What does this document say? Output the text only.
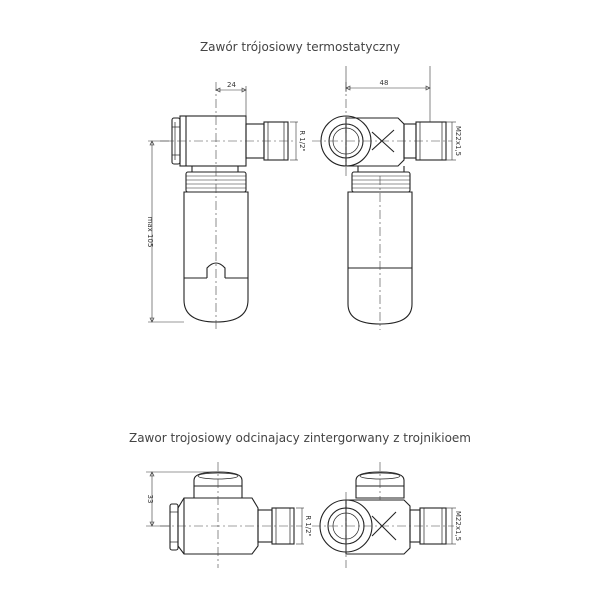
Zawór trójosiowy termostatyczny
Zawor trojosiowy odcinajacy zintergorwany z trojnikioem
24
R 1/2"
max 105
48
M22x1,5
33
R 1/2"	M22x1,5
